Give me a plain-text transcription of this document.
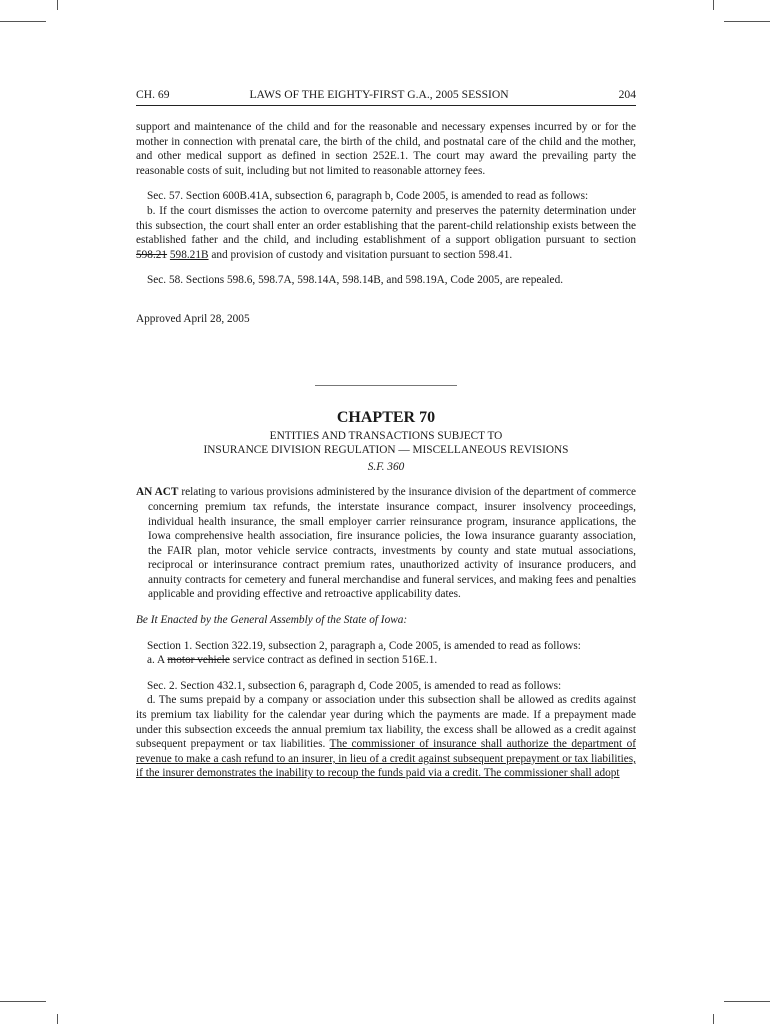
CH. 69	LAWS OF THE EIGHTY-FIRST G.A., 2005 SESSION	204

support and maintenance of the child and for the reasonable and necessary expenses incurred by or for the mother in connection with prenatal care, the birth of the child, and postnatal care of the child and the mother, and other medical support as defined in section 252E.1. The court may award the prevailing party the reasonable costs of suit, including but not limited to reasonable attorney fees.

Sec. 57. Section 600B.41A, subsection 6, paragraph b, Code 2005, is amended to read as follows:

b. If the court dismisses the action to overcome paternity and preserves the paternity determination under this subsection, the court shall enter an order establishing that the parent-child relationship exists between the established father and the child, and including establishment of a support obligation pursuant to section 598.21 598.21B and provision of custody and visitation pursuant to section 598.41.

Sec. 58. Sections 598.6, 598.7A, 598.14A, 598.14B, and 598.19A, Code 2005, are repealed.

Approved April 28, 2005

CHAPTER 70
ENTITIES AND TRANSACTIONS SUBJECT TO
INSURANCE DIVISION REGULATION — MISCELLANEOUS REVISIONS
S.F. 360

AN ACT relating to various provisions administered by the insurance division of the department of commerce concerning premium tax refunds, the interstate insurance compact, insurer insolvency proceedings, individual health insurance, the small employer carrier reinsurance program, insurance applications, the Iowa comprehensive health association, fire insurance policies, the Iowa insurance guaranty association, the FAIR plan, motor vehicle service contracts, investments by county and state mutual associations, reciprocal or interinsurance contract premium rates, unauthorized activity of insurance producers, and annuity contracts for cemetery and funeral merchandise and funeral services, and making fees and penalties applicable and providing effective and retroactive applicability dates.

Be It Enacted by the General Assembly of the State of Iowa:

Section 1. Section 322.19, subsection 2, paragraph a, Code 2005, is amended to read as follows:

a. A motor vehicle service contract as defined in section 516E.1.

Sec. 2. Section 432.1, subsection 6, paragraph d, Code 2005, is amended to read as follows:

d. The sums prepaid by a company or association under this subsection shall be allowed as credits against its premium tax liability for the calendar year during which the payments are made. If a prepayment made under this subsection exceeds the annual premium tax liability, the excess shall be allowed as a credit against subsequent prepayment or tax liabilities. The commissioner of insurance shall authorize the department of revenue to make a cash refund to an insurer, in lieu of a credit against subsequent prepayment or tax liabilities, if the insurer demonstrates the inability to recoup the funds paid via a credit. The commissioner shall adopt
